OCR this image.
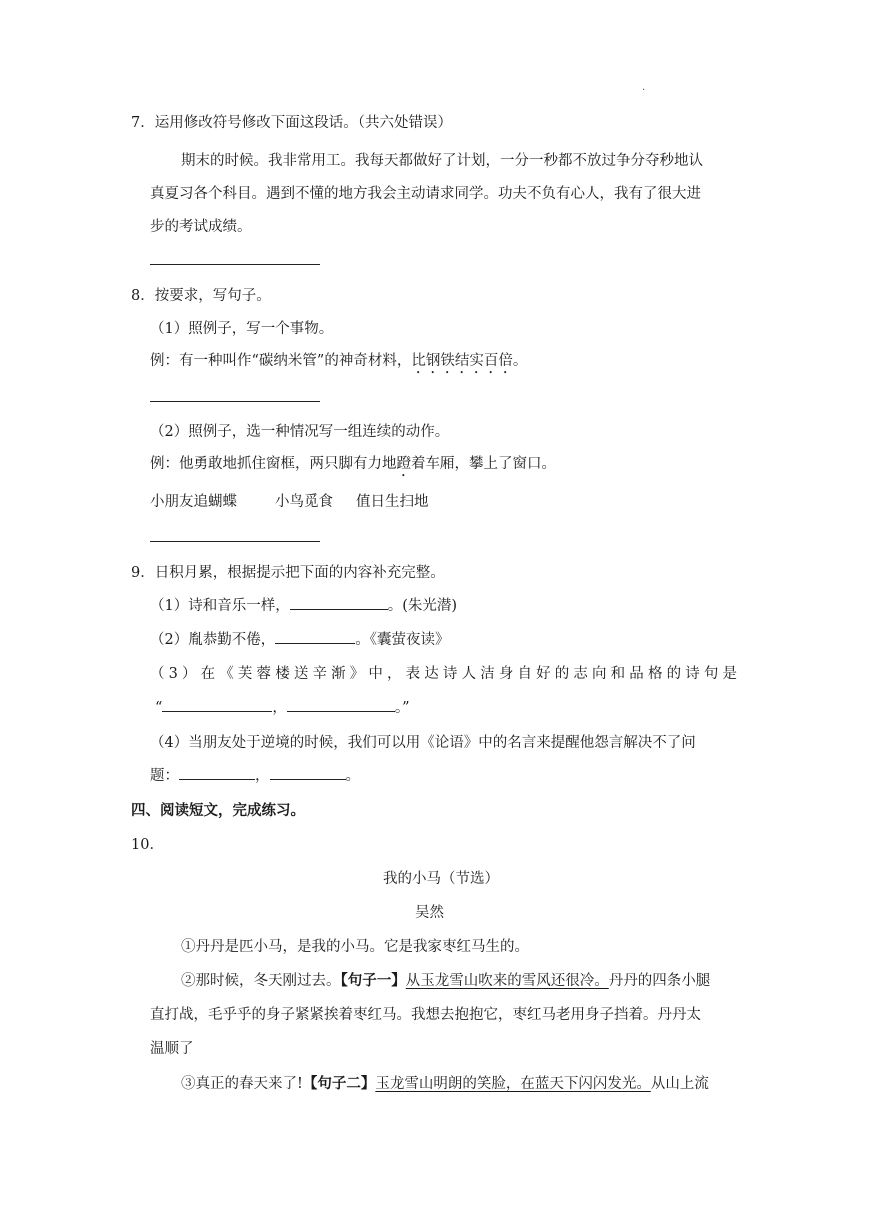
.
7．运用修改符号修改下面这段话。（共六处错误）
期末的时候。我非常用工。我每天都做好了计划，一分一秒都不放过争分夺秒地认
真夏习各个科目。遇到不懂的地方我会主动请求同学。功夫不负有心人，我有了很大进
步的考试成绩。
8．按要求，写句子。
（1）照例子，写一个事物。
例：有一种叫作“碳纳米管”的神奇材料，比钢铁结实百倍。
（2）照例子，选一种情况写一组连续的动作。
例：他勇敢地抓住窗框，两只脚有力地蹬着车厢，攀上了窗口。
小朋友追蝴蝶	小鸟觅食 值日生扫地
9．日积月累，根据提示把下面的内容补充完整。
（1）诗和音乐一样，	。(朱光潜)
（2）胤恭勤不倦，	。《囊萤夜读》
（3）在《芙蓉楼送辛渐》中，表达诗人洁身自好的志向和品格的诗句是
“	，	。”
（4）当朋友处于逆境的时候，我们可以用《论语》中的名言来提醒他怨言解决不了问
题：	，	。
四、阅读短文，完成练习。
10．
我的小马（节选）
吴然
①丹丹是匹小马，是我的小马。它是我家枣红马生的。
②那时候，冬天刚过去。【句子一】从玉龙雪山吹来的雪风还很冷。丹丹的四条小腿
直打战，毛乎乎的身子紧紧挨着枣红马。我想去抱抱它，枣红马老用身子挡着。丹丹太
温顺了
③真正的春天来了!【句子二】玉龙雪山明朗的笑脸，在蓝天下闪闪发光。从山上流
